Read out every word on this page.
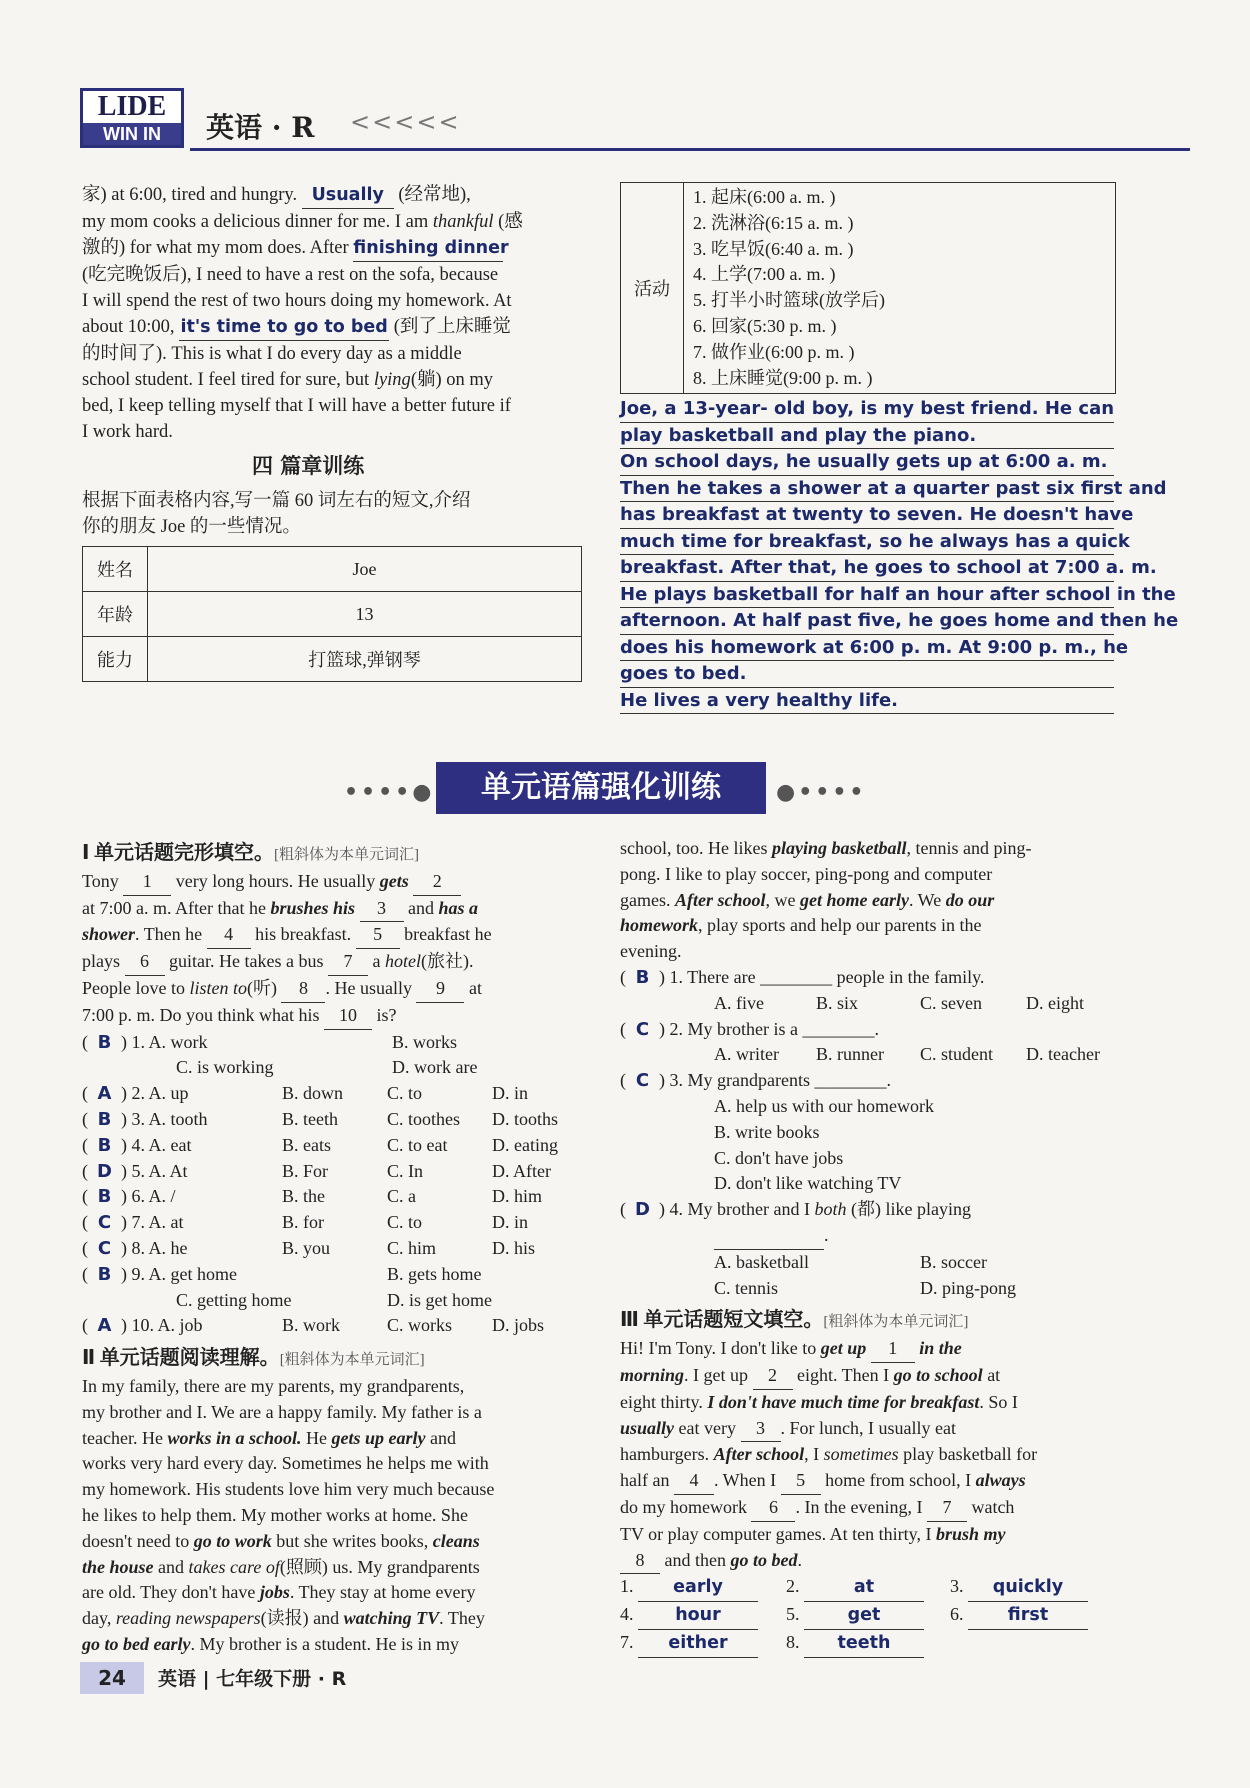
LIDE
WIN IN	英语 · R <<<<<
家) at 6:00, tired and hungry. Usually (经常地),
my mom cooks a delicious dinner for me. I am thankful (感
激的) for what my mom does. After finishing dinner
(吃完晚饭后), I need to have a rest on the sofa, because
I will spend the rest of two hours doing my homework. At
about 10:00, it's time to go to bed (到了上床睡觉
的时间了). This is what I do every day as a middle
school student. I feel tired for sure, but lying(躺) on my
bed, I keep telling myself that I will have a better future if
I work hard.
四 篇章训练
根据下面表格内容,写一篇 60 词左右的短文,介绍
你的朋友 Joe 的一些情况。
姓名	Joe
年龄	13
能力	打篮球,弹钢琴
活动
1. 起床(6:00 a. m. )
2. 洗淋浴(6:15 a. m. )
3. 吃早饭(6:40 a. m. )
4. 上学(7:00 a. m. )
5. 打半小时篮球(放学后)
6. 回家(5:30 p. m. )
7. 做作业(6:00 p. m. )
8. 上床睡觉(9:00 p. m. )
Joe, a 13-year- old boy, is my best friend. He can
play basketball and play the piano.
On school days, he usually gets up at 6:00 a. m.
Then he takes a shower at a quarter past six first and
has breakfast at twenty to seven. He doesn't have
much time for breakfast, so he always has a quick
breakfast. After that, he goes to school at 7:00 a. m.
He plays basketball for half an hour after school in the
afternoon. At half past five, he goes home and then he
does his homework at 6:00 p. m. At 9:00 p. m., he
goes to bed.
He lives a very healthy life.
••••●	单元语篇强化训练	●••••
Ⅰ 单元话题完形填空。[粗斜体为本单元词汇]
Tony 1 very long hours. He usually gets 2
at 7:00 a. m. After that he brushes his 3 and has a
shower. Then he 4 his breakfast. 5 breakfast he
plays 6 guitar. He takes a bus 7 a hotel(旅社).
People love to listen to(听) 8 . He usually 9 at
7:00 p. m. Do you think what his 10 is?
( B ) 1. A. work	B. works
C. is working	D. work are
( A ) 2. A. up	B. down C. to	D. in
( B ) 3. A. tooth	B. teeth	C. toothes D. tooths
( B ) 4. A. eat	B. eats	C. to eat D. eating
( D ) 5. A. At	B. For	C. In	D. After
( B ) 6. A. /	B. the	C. a	D. him
( C ) 7. A. at	B. for	C. to	D. in
( C ) 8. A. he	B. you	C. him	D. his
( B ) 9. A. get home	B. gets home
C. getting home	D. is get home
( A ) 10. A. job	B. work	C. works D. jobs
Ⅱ 单元话题阅读理解。[粗斜体为本单元词汇]
In my family, there are my parents, my grandparents,
my brother and I. We are a happy family. My father is a
teacher. He works in a school. He gets up early and
works very hard every day. Sometimes he helps me with
my homework. His students love him very much because
he likes to help them. My mother works at home. She
doesn't need to go to work but she writes books, cleans
the house and takes care of(照顾) us. My grandparents
are old. They don't have jobs. They stay at home every
day, reading newspapers(读报) and watching TV. They
go to bed early. My brother is a student. He is in my
school, too. He likes playing basketball, tennis and ping-
pong. I like to play soccer, ping-pong and computer
games. After school, we get home early. We do our
homework, play sports and help our parents in the
evening.
( B ) 1. There are ________ people in the family.
A. five	B. six	C. seven D. eight
( C ) 2. My brother is a ________.
A. writer B. runner C. student D. teacher
( C ) 3. My grandparents ________.
A. help us with our homework
B. write books
C. don't have jobs
D. don't like watching TV
( D ) 4. My brother and I both (都) like playing
.
A. basketball	B. soccer
C. tennis	D. ping-pong
Ⅲ 单元话题短文填空。[粗斜体为本单元词汇]
Hi! I'm Tony. I don't like to get up 1 in the
morning. I get up 2 eight. Then I go to school at
eight thirty. I don't have much time for breakfast. So I
usually eat very 3 . For lunch, I usually eat
hamburgers. After school, I sometimes play basketball for
half an 4 . When I 5 home from school, I always
do my homework 6 . In the evening, I 7 watch
TV or play computer games. At ten thirty, I brush my
8 and then go to bed.
1. early	2.	at	3. quickly
4. hour	5. get	6. first
7. either	8. teeth
24 英语 | 七年级下册 · R
